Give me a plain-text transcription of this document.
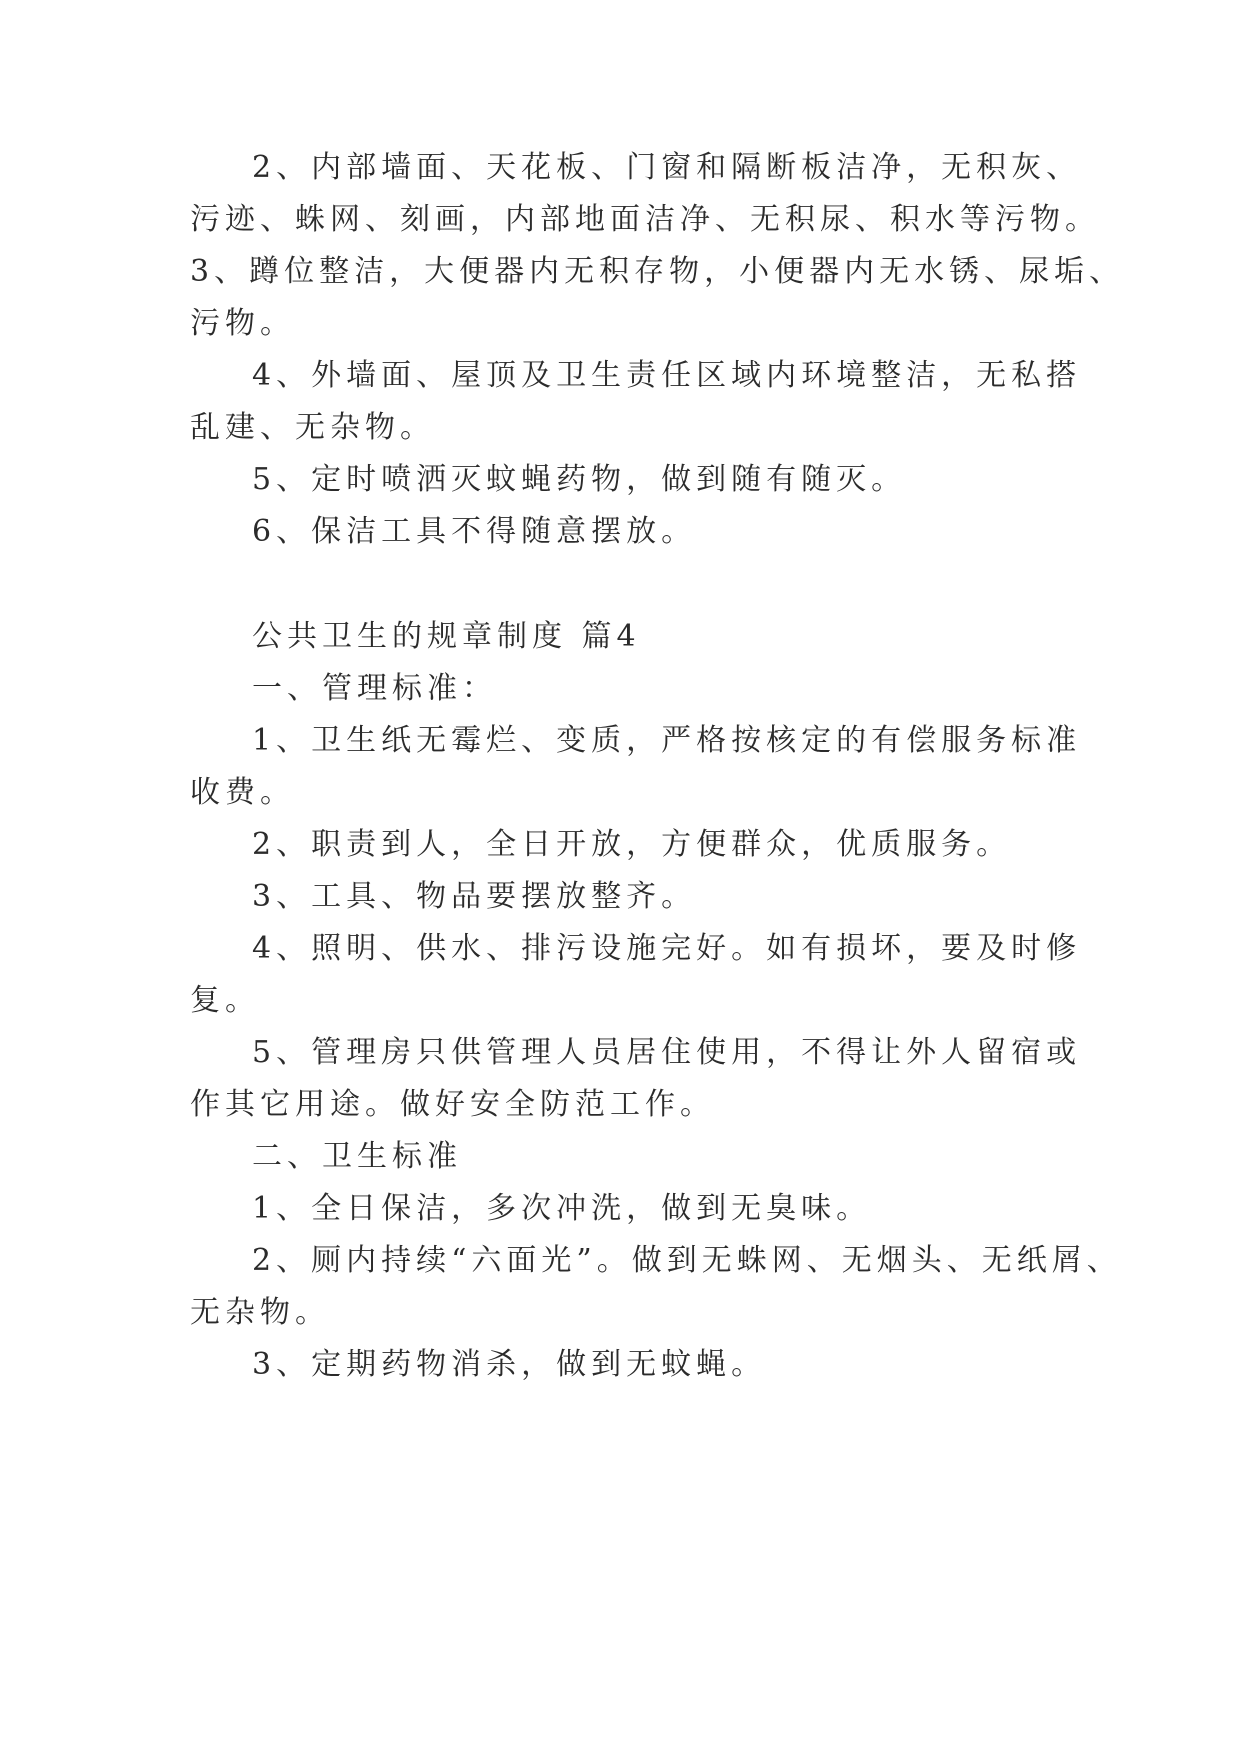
2、内部墙面、天花板、门窗和隔断板洁净，无积灰、
污迹、蛛网、刻画，内部地面洁净、无积尿、积水等污物。
3、蹲位整洁，大便器内无积存物，小便器内无水锈、尿垢、
污物。
4、外墙面、屋顶及卫生责任区域内环境整洁，无私搭
乱建、无杂物。
5、定时喷洒灭蚊蝇药物，做到随有随灭。
6、保洁工具不得随意摆放。
公共卫生的规章制度 篇4
一、管理标准：
1、卫生纸无霉烂、变质，严格按核定的有偿服务标准
收费。
2、职责到人，全日开放，方便群众，优质服务。
3、工具、物品要摆放整齐。
4、照明、供水、排污设施完好。如有损坏，要及时修
复。
5、管理房只供管理人员居住使用，不得让外人留宿或
作其它用途。做好安全防范工作。
二、卫生标准
1、全日保洁，多次冲洗，做到无臭味。
2、厕内持续“六面光”。做到无蛛网、无烟头、无纸屑、
无杂物。
3、定期药物消杀，做到无蚊蝇。
